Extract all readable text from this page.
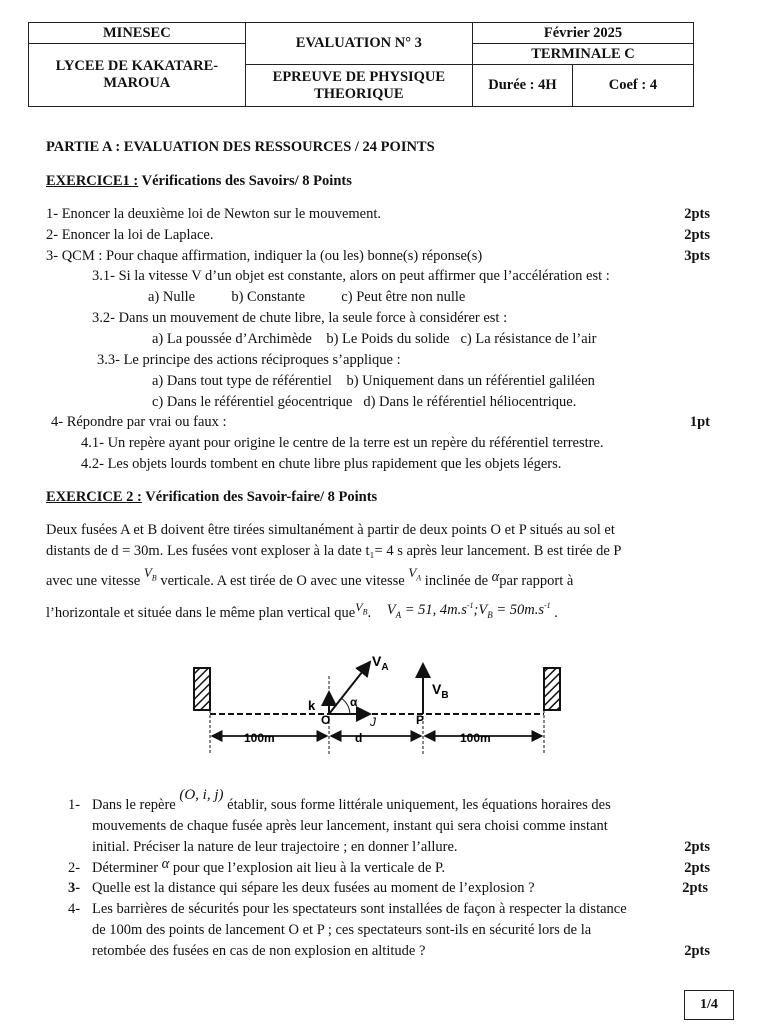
MINESEC	EVALUATION N° 3	Février 2025	
LYCEE DE KAKATARE-MAROUA		TERMINALE C	
	EPREUVE DE PHYSIQUE THEORIQUE	Durée : 4H	Coef : 4
PARTIE A : EVALUATION DES RESSOURCES / 24 POINTS
EXERCICE1 : Vérifications des Savoirs/ 8 Points
1- Enoncer la deuxième loi de Newton sur le mouvement.	2pts
2- Enoncer la loi de Laplace.	2pts
3- QCM : Pour chaque affirmation, indiquer la (ou les) bonne(s) réponse(s)	3pts
3.1- Si la vitesse V d’un objet est constante, alors on peut affirmer que l’accélération est :
a) Nulle          b) Constante          c) Peut être non nulle
3.2- Dans un mouvement de chute libre, la seule force à considérer est :
a) La poussée d’Archimède    b) Le Poids du solide   c) La résistance de l’air
3.3- Le principe des actions réciproques s’applique :
a) Dans tout type de référentiel    b) Uniquement dans un référentiel galiléen
c) Dans le référentiel géocentrique   d) Dans le référentiel héliocentrique.
4- Répondre par vrai ou faux :	1pt
4.1- Un repère ayant pour origine le centre de la terre est un repère du référentiel terrestre.
4.2- Les objets lourds tombent en chute libre plus rapidement que les objets légers.
EXERCICE 2 : Vérification des Savoir-faire/ 8 Points
Deux fusées A et B doivent être tirées simultanément à partir de deux points O et P situés au sol et
distants de d = 30m. Les fusées vont exploser à la date t₁= 4 s après leur lancement. B est tirée de P
avec une vitesse $V_B$ verticale. A est tirée de O avec une vitesse $V_A$ inclinée de αpar rapport à
l’horizontale et située dans le même plan vertical que$^{V_B}$. $V_A = 51$, $4m.s^{-1};V_B = 50m.s^{-1}$ .
100m	d	100m
k
O	J	P
α
$V_A$
$V_B$
1- Dans le repère (O, i, j) établir, sous forme littérale uniquement, les équations horaires des
mouvements de chaque fusée après leur lancement, instant qui sera choisi comme instant
initial. Préciser la nature de leur trajectoire ; en donner l’allure.	2pts
2- Déterminer α pour que l’explosion ait lieu à la verticale de P.	2pts
3- Quelle est la distance qui sépare les deux fusées au moment de l’explosion ?	2pts
4- Les barrières de sécurités pour les spectateurs sont installées de façon à respecter la distance
de 100m des points de lancement O et P ; ces spectateurs sont-ils en sécurité lors de la
retombée des fusées en cas de non explosion en altitude ?	2pts
1/4
